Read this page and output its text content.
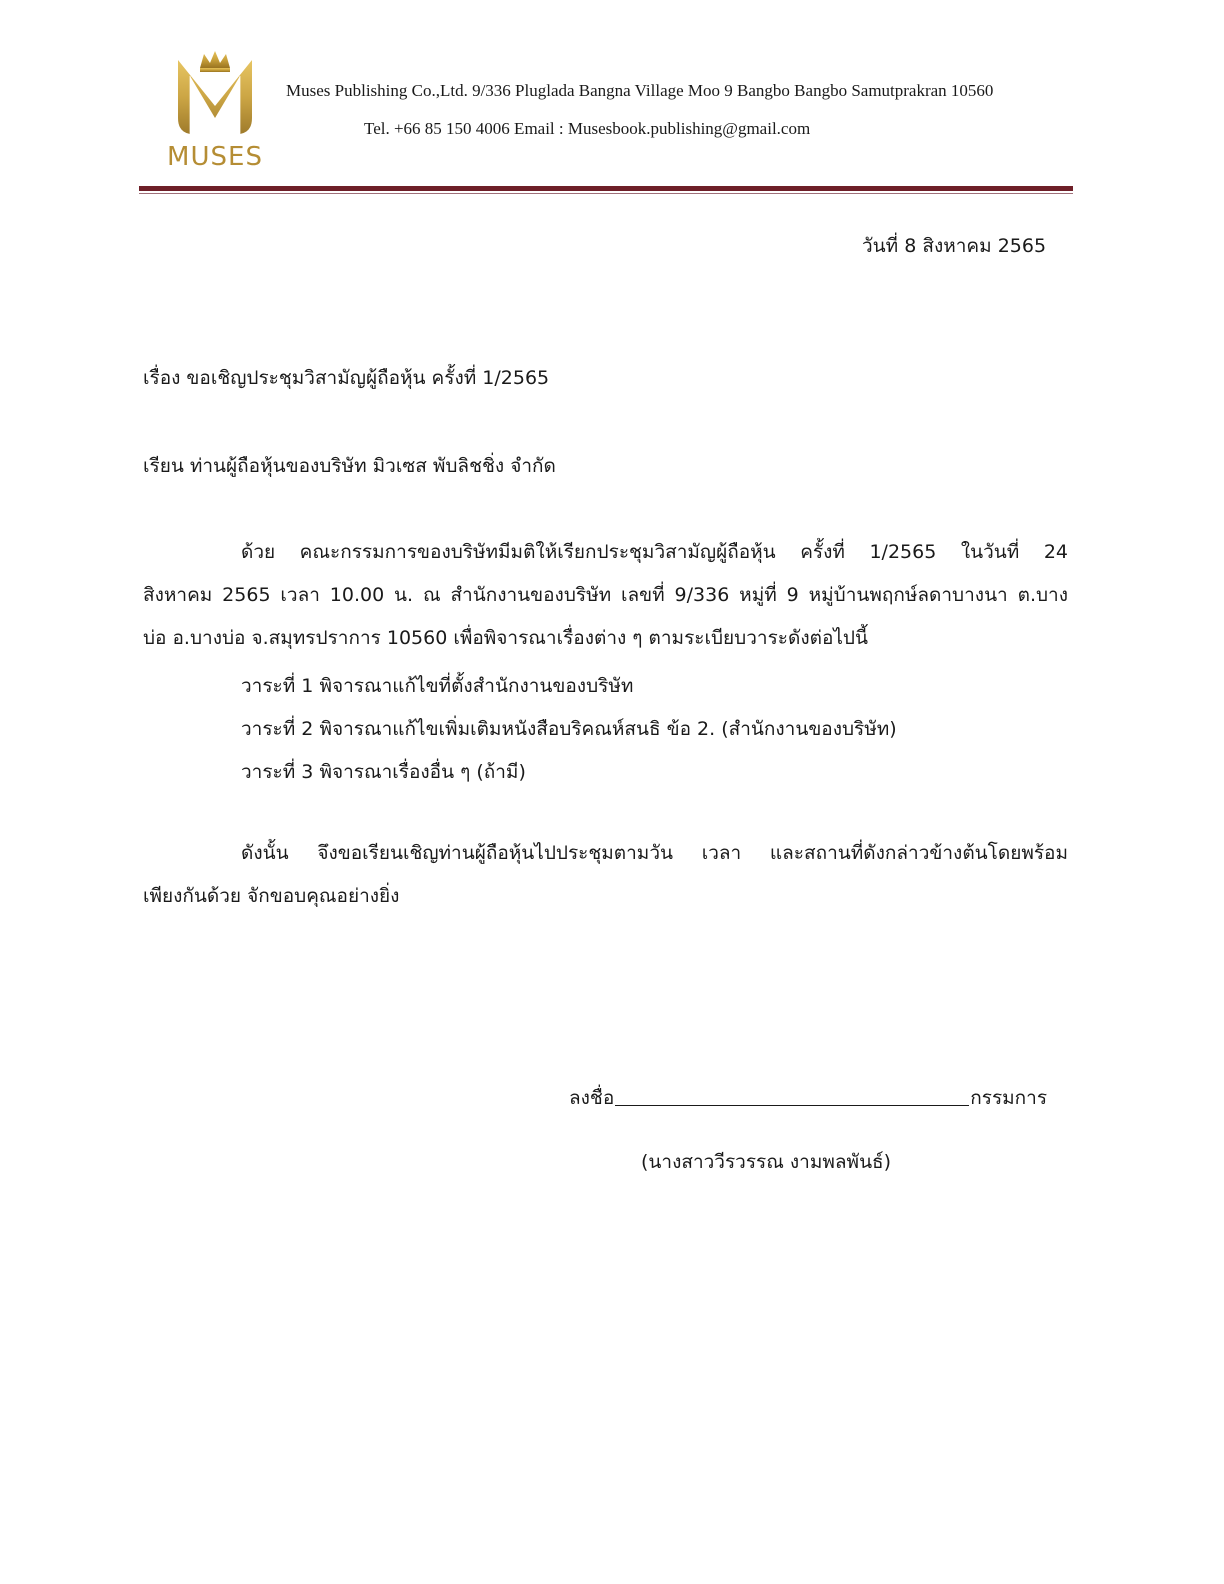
MUSES
Muses Publishing Co.,Ltd. 9/336 Pluglada Bangna Village Moo 9 Bangbo Bangbo Samutprakran 10560
Tel. +66 85 150 4006 Email : Musesbook.publishing@gmail.com
วันที่ 8 สิงหาคม 2565
เรื่อง ขอเชิญประชุมวิสามัญผู้ถือหุ้น ครั้งที่ 1/2565
เรียน ท่านผู้ถือหุ้นของบริษัท มิวเซส พับลิชชิ่ง จำกัด
ด้วย คณะกรรมการของบริษัทมีมติให้เรียกประชุมวิสามัญผู้ถือหุ้น ครั้งที่ 1/2565 ในวันที่ 24
สิงหาคม 2565 เวลา 10.00 น. ณ สำนักงานของบริษัท เลขที่ 9/336 หมู่ที่ 9 หมู่บ้านพฤกษ์ลดาบางนา ต.บาง
บ่อ อ.บางบ่อ จ.สมุทรปราการ 10560 เพื่อพิจารณาเรื่องต่าง ๆ ตามระเบียบวาระดังต่อไปนี้
วาระที่ 1 พิจารณาแก้ไขที่ตั้งสำนักงานของบริษัท
วาระที่ 2 พิจารณาแก้ไขเพิ่มเติมหนังสือบริคณห์สนธิ ข้อ 2. (สำนักงานของบริษัท)
วาระที่ 3 พิจารณาเรื่องอื่น ๆ (ถ้ามี)
ดังนั้น จึงขอเรียนเชิญท่านผู้ถือหุ้นไปประชุมตามวัน เวลา และสถานที่ดังกล่าวข้างต้นโดยพร้อม
เพียงกันด้วย จักขอบคุณอย่างยิ่ง
ลงชื่อ	กรรมการ
(นางสาววีรวรรณ งามพลพันธ์)
